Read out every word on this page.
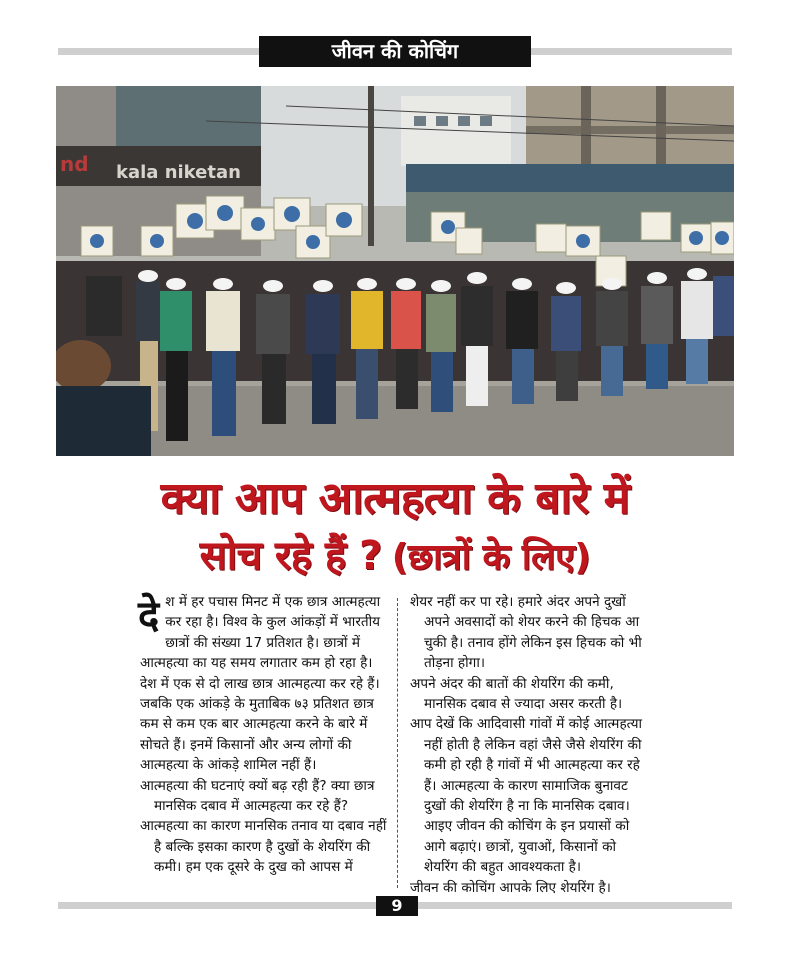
जीवन की कोचिंग
nd kala niketan
क्या आप आत्महत्या के बारे में
सोच रहे हैं ? (छात्रों के लिए)

देश में हर पचास मिनट में एक छात्र आत्महत्या कर रहा है। विश्व के कुल आंकड़ों में भारतीय छात्रों की संख्या 17 प्रतिशत है। छात्रों में आत्महत्या का यह समय लगातार कम हो रहा है। देश में एक से दो लाख छात्र आत्महत्या कर रहे हैं। जबकि एक आंकड़े के मुताबिक ७३ प्रतिशत छात्र कम से कम एक बार आत्महत्या करने के बारे में सोचते हैं। इनमें किसानों और अन्य लोगों की आत्महत्या के आंकड़े शामिल नहीं हैं।

आत्महत्या की घटनाएं क्यों बढ़ रही हैं? क्या छात्र मानसिक दबाव में आत्महत्या कर रहे हैं?

आत्महत्या का कारण मानसिक तनाव या दबाव नहीं है बल्कि इसका कारण है दुखों के शेयरिंग की कमी। हम एक दूसरे के दुख को आपस में

शेयर नहीं कर पा रहे। हमारे अंदर अपने दुखों अपने अवसादों को शेयर करने की हिचक आ चुकी है। तनाव होंगे लेकिन इस हिचक को भी तोड़ना होगा।

अपने अंदर की बातों की शेयरिंग की कमी, मानसिक दबाव से ज्यादा असर करती है।

आप देखें कि आदिवासी गांवों में कोई आत्महत्या नहीं होती है लेकिन वहां जैसे जैसे शेयरिंग की कमी हो रही है गांवों में भी आत्महत्या कर रहे हैं। आत्महत्या के कारण सामाजिक बुनावट दुखों की शेयरिंग है ना कि मानसिक दबाव। आइए जीवन की कोचिंग के इन प्रयासों को आगे बढ़ाएं। छात्रों, युवाओं, किसानों को शेयरिंग की बहुत आवश्यकता है।

जीवन की कोचिंग आपके लिए शेयरिंग है।

9
